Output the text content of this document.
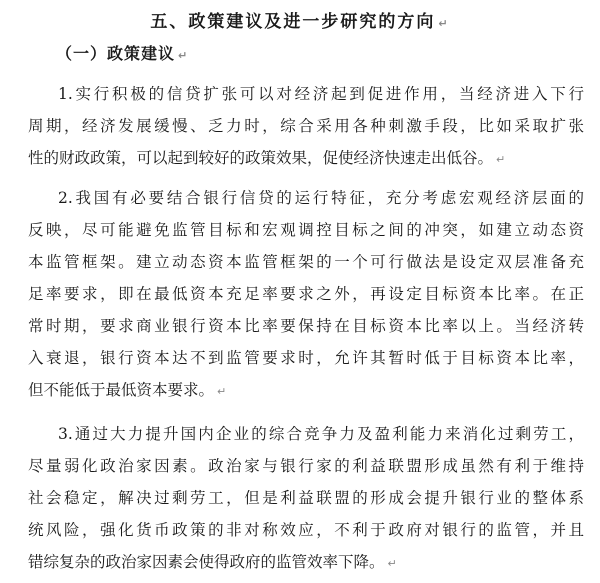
五、政策建议及进一步研究的方向 ↵
（一）政策建议 ↵
1.实行积极的信贷扩张可以对经济起到促进作用，当经济进入下行
周期，经济发展缓慢、乏力时，综合采用各种刺激手段，比如采取扩张
性的财政政策，可以起到较好的政策效果，促使经济快速走出低谷。 ↵
2.我国有必要结合银行信贷的运行特征，充分考虑宏观经济层面的
反映，尽可能避免监管目标和宏观调控目标之间的冲突，如建立动态资
本监管框架。建立动态资本监管框架的一个可行做法是设定双层准备充
足率要求，即在最低资本充足率要求之外，再设定目标资本比率。在正
常时期，要求商业银行资本比率要保持在目标资本比率以上。当经济转
入衰退，银行资本达不到监管要求时，允许其暂时低于目标资本比率，
但不能低于最低资本要求。 ↵
3.通过大力提升国内企业的综合竞争力及盈利能力来消化过剩劳工，
尽量弱化政治家因素。政治家与银行家的利益联盟形成虽然有利于维持
社会稳定，解决过剩劳工，但是利益联盟的形成会提升银行业的整体系
统风险，强化货币政策的非对称效应，不利于政府对银行的监管，并且
错综复杂的政治家因素会使得政府的监管效率下降。 ↵
